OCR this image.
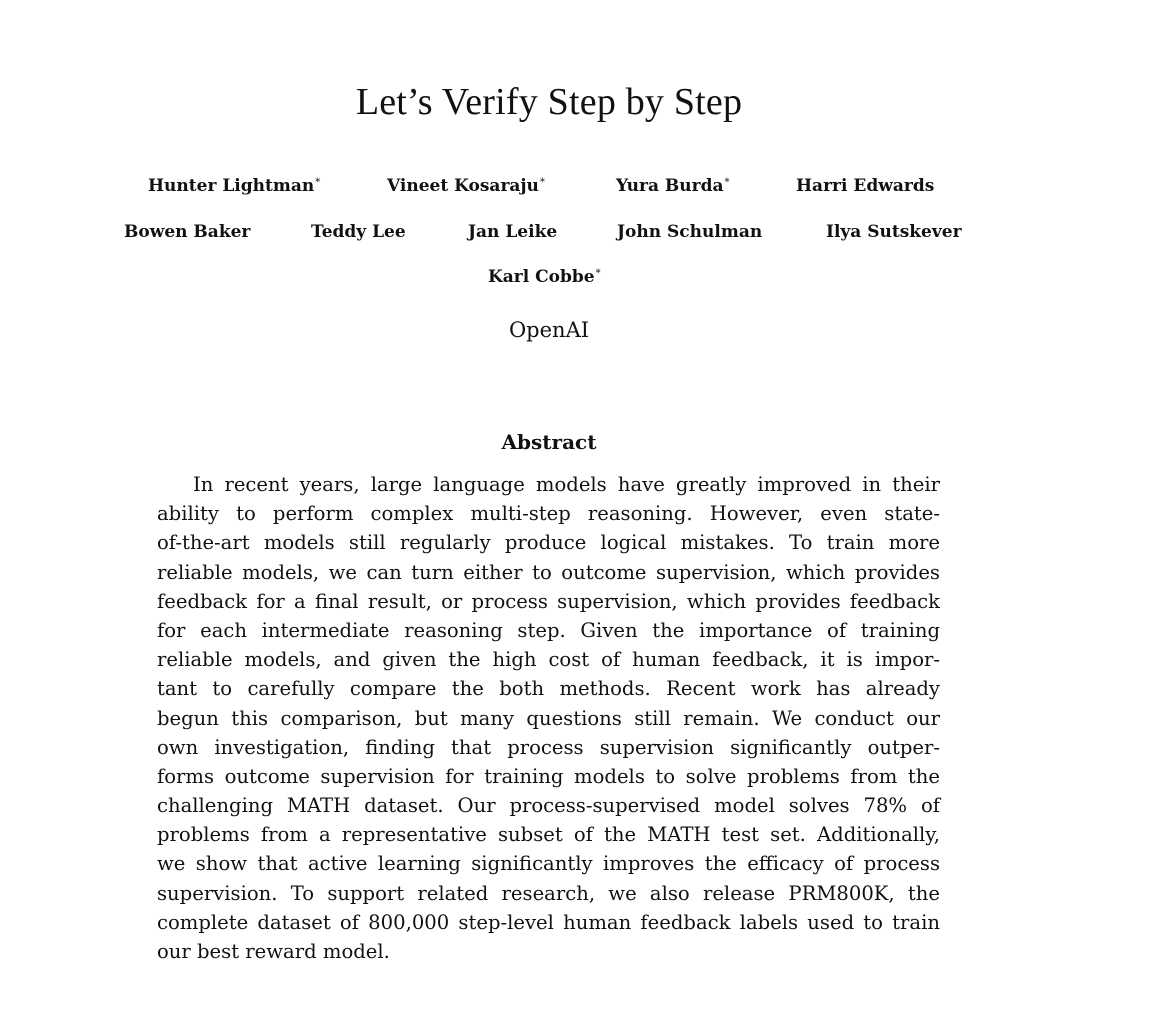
Let’s Verify Step by Step
Hunter Lightman*	Vineet Kosaraju*	Yura Burda*	Harri Edwards
Bowen Baker	Teddy Lee	Jan Leike	John Schulman	Ilya Sutskever
Karl Cobbe*
OpenAI
Abstract
In recent years, large language models have greatly improved in their
ability to perform complex multi-step reasoning. However, even state-
of-the-art models still regularly produce logical mistakes. To train more
reliable models, we can turn either to outcome supervision, which provides
feedback for a final result, or process supervision, which provides feedback
for each intermediate reasoning step. Given the importance of training
reliable models, and given the high cost of human feedback, it is impor-
tant to carefully compare the both methods. Recent work has already
begun this comparison, but many questions still remain. We conduct our
own investigation, finding that process supervision significantly outper-
forms outcome supervision for training models to solve problems from the
challenging MATH dataset. Our process-supervised model solves 78% of
problems from a representative subset of the MATH test set. Additionally,
we show that active learning significantly improves the efficacy of process
supervision. To support related research, we also release PRM800K, the
complete dataset of 800,000 step-level human feedback labels used to train
our best reward model.
